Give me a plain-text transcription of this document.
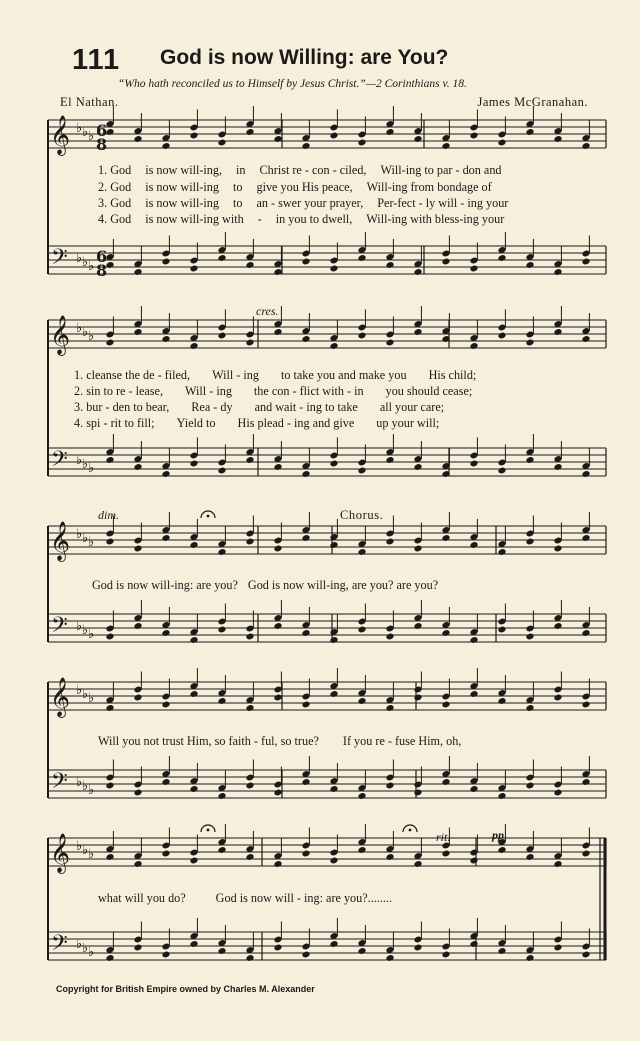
111 God is now Willing: are You?
“Who hath reconciled us to Himself by Jesus Christ.”—2 Corinthians v. 18.
El Nathan.	James McGranahan.
𝄞
𝄢
♭
♭
♭
♭
♭
♭
𝄞
𝄢
♭
♭
♭
♭
♭
♭
𝄞
𝄢
♭
♭
♭
♭
♭
♭
𝄞
𝄢
♭
♭
♭
♭
♭
♭
𝄞
𝄢
♭
♭
♭
♭
♭
♭
6
8
6
8
1. God is now will-ing, in Christ re - con - ciled, Will-ing to par - don and
2. God is now will-ing to give you His peace, Will-ing from bondage of
3. God is now will-ing to an - swer your prayer, Per-fect - ly will - ing your
4. God is now will-ing with - in you to dwell, Will-ing with bless-ing your
cres.
1. cleanse the de - filed, Will - ing to take you and make you His child;
2. sin to re - lease, Will - ing the con - flict with - in you should cease;
3. bur - den to bear, Rea - dy and wait - ing to take all your care;
4. spi - rit to fill; Yield to His plead - ing and give up your will;
dim.	Chorus.
God is now will-ing: are you? God is now will-ing, are you? are you?
Will you not trust Him, so faith - ful, so true? If you re - fuse Him, oh,
rit.	pp
what will you do? God is now will - ing: are you?........
Copyright for British Empire owned by Charles M. Alexander
